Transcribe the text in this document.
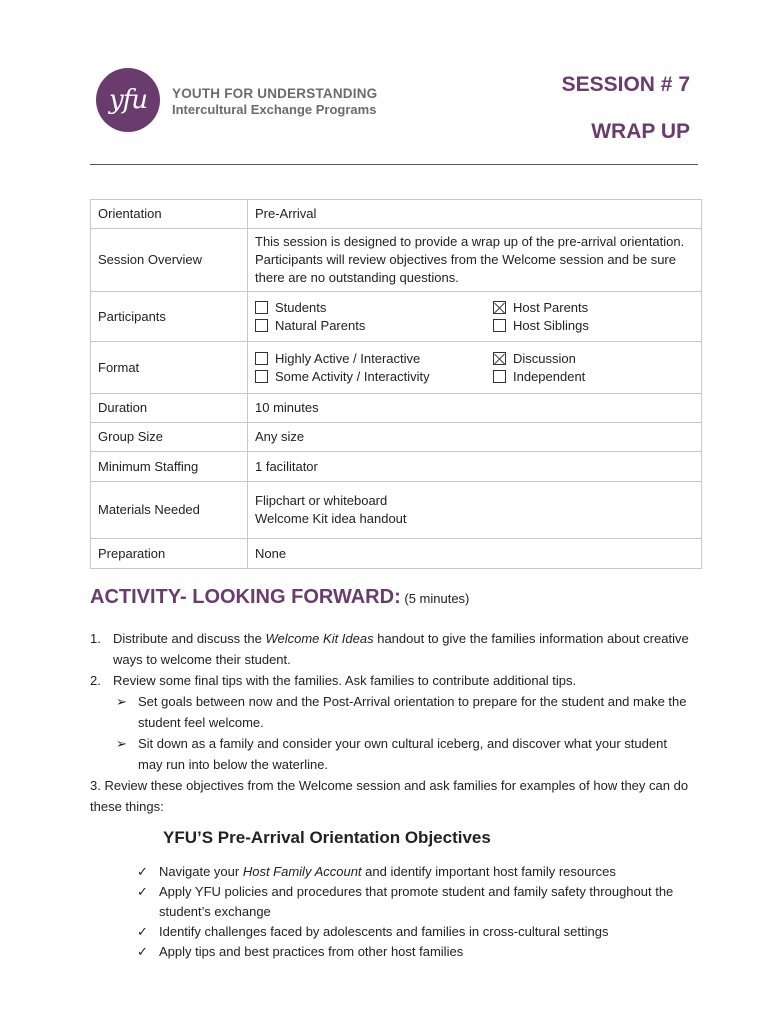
yfu YOUTH FOR UNDERSTANDING
Intercultural Exchange Programs
SESSION # 7
WRAP UP
Orientation	Pre-Arrival
Session Overview	This session is designed to provide a wrap up of the pre-arrival orientation. Participants will review objectives from the Welcome session and be sure there are no outstanding questions.
Participants	Students Host Parents
Natural Parents Host Siblings

Format	Highly Active / Interactive Discussion
Some Activity / Interactivity Independent

Duration	10 minutes
Group Size	Any size
Minimum Staffing	1 facilitator
Materials Needed	Flipchart or whiteboard
Welcome Kit idea handout

Preparation	None
ACTIVITY- LOOKING FORWARD: (5 minutes)
1. Distribute and discuss the Welcome Kit Ideas handout to give the families information about creative ways to welcome their student.
2. Review some final tips with the families. Ask families to contribute additional tips.
➢ Set goals between now and the Post-Arrival orientation to prepare for the student and make the student feel welcome.
➢ Sit down as a family and consider your own cultural iceberg, and discover what your student may run into below the waterline.
3. Review these objectives from the Welcome session and ask families for examples of how they can do these things:
YFU’S Pre-Arrival Orientation Objectives
✓ Navigate your Host Family Account and identify important host family resources
✓ Apply YFU policies and procedures that promote student and family safety throughout the student’s exchange
✓ Identify challenges faced by adolescents and families in cross-cultural settings
✓ Apply tips and best practices from other host families
